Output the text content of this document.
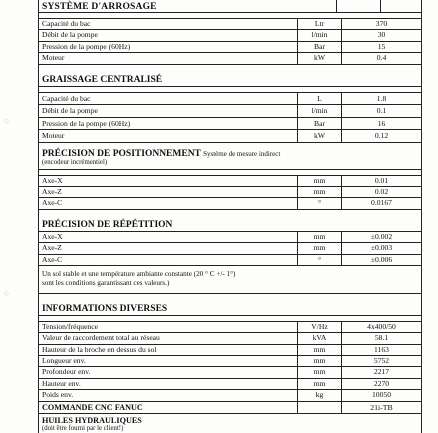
○
○
SYSTÈME D'ARROSAGE
Capacité du bac	Ltr	370
Débit de la pompe	l/min	30
Pression de la pompe (60Hz)	Bar	15
Moteur	kW	0.4
GRAISSAGE CENTRALISÉ
Capacité du bac	L	1.8
Débit de la pompe	l/min	0.1
Pression de la pompe (60Hz)	Bar	16
Moteur	kW	0.12
PRÉCISION DE POSITIONNEMENT Système de mesure indirect
(encodeur incrémentiel)
Axe-X	mm	0.01
Axe-Z	mm	0.02
Axe-C	°	0.0167
PRÉCISION DE RÉPÉTITION
Axe-X	mm	±0.002
Axe-Z	mm	±0.003
Axe-C	°	±0.006
Un sol stable et une température ambiante constante (20 ° C +/- 1°)
sont les conditions garantissant ces valeurs.)
INFORMATIONS DIVERSES
Tension/fréquence	V/Hz	4x400/50
Valeur de raccordement total au réseau	kVA	58.1
Hauteur de la broche en dessus du sol	mm	1163
Longueur env.	mm	5752
Profondeur env.	mm	2217
Hauteur env.	mm	2270
Poids env.	kg	10050
COMMANDE CNC FANUC	21i-TB
HUILES HYDRAULIQUES
(doit être fourni par le client!)
